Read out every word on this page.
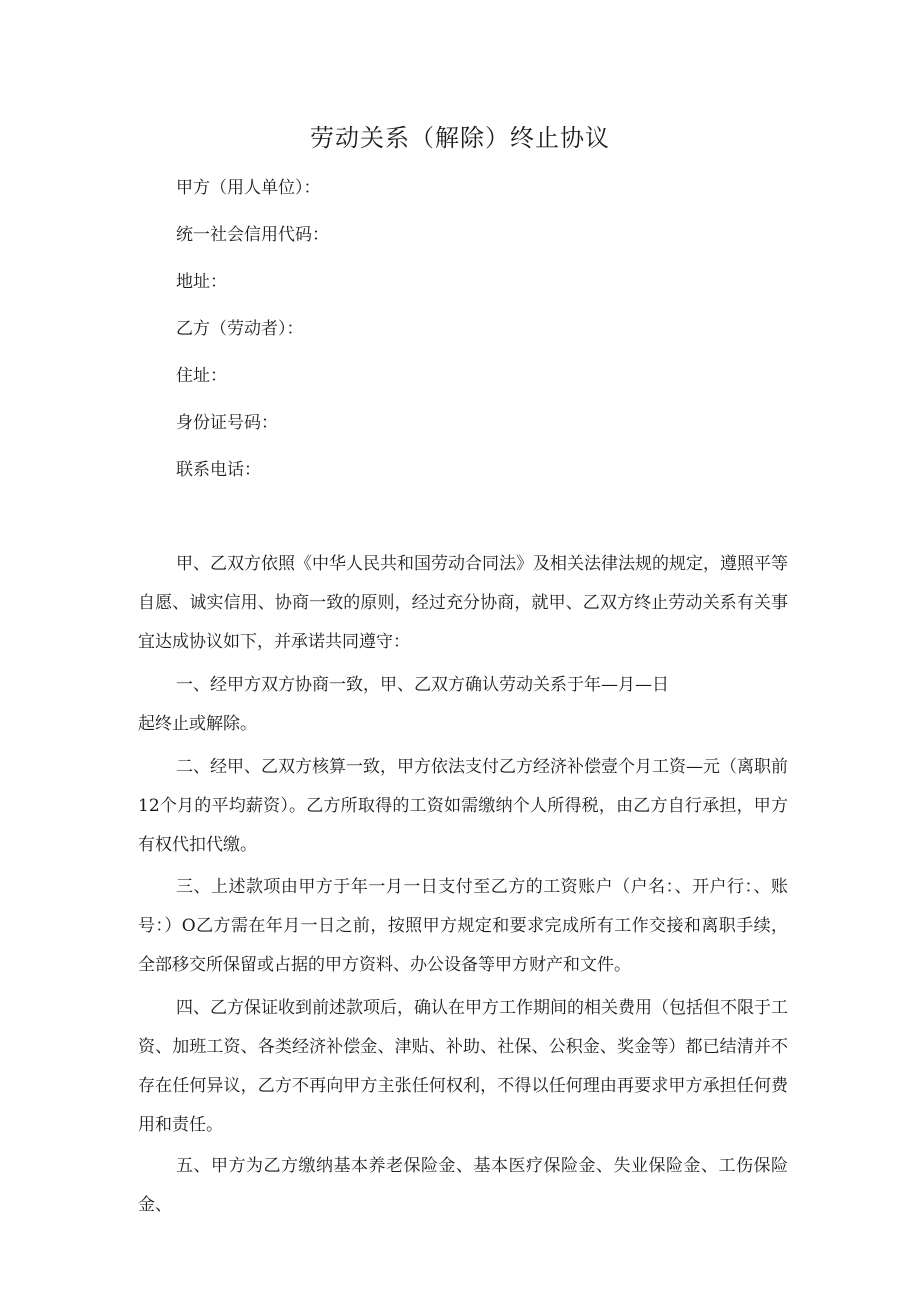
劳动关系（解除）终止协议
甲方（用人单位）：
统一社会信用代码：
地址：
乙方（劳动者）：
住址：
身份证号码：
联系电话：

甲、乙双方依照《中华人民共和国劳动合同法》及相关法律法规的规定，遵照平等自愿、诚实信用、协商一致的原则，经过充分协商，就甲、乙双方终止劳动关系有关事宜达成协议如下，并承诺共同遵守：

一、经甲方双方协商一致，甲、乙双方确认劳动关系于年—月—日起终止或解除。

二、经甲、乙双方核算一致，甲方依法支付乙方经济补偿壹个月工资—元（离职前12个月的平均薪资）。乙方所取得的工资如需缴纳个人所得税，由乙方自行承担，甲方有权代扣代缴。

三、上述款项由甲方于年一月一日支付至乙方的工资账户（户名：、开户行：、账号：）O乙方需在年月一日之前，按照甲方规定和要求完成所有工作交接和离职手续，全部移交所保留或占据的甲方资料、办公设备等甲方财产和文件。

四、乙方保证收到前述款项后，确认在甲方工作期间的相关费用（包括但不限于工资、加班工资、各类经济补偿金、津贴、补助、社保、公积金、奖金等）都已结清并不存在任何异议，乙方不再向甲方主张任何权利，不得以任何理由再要求甲方承担任何费用和责任。

五、甲方为乙方缴纳基本养老保险金、基本医疗保险金、失业保险金、工伤保险金、
